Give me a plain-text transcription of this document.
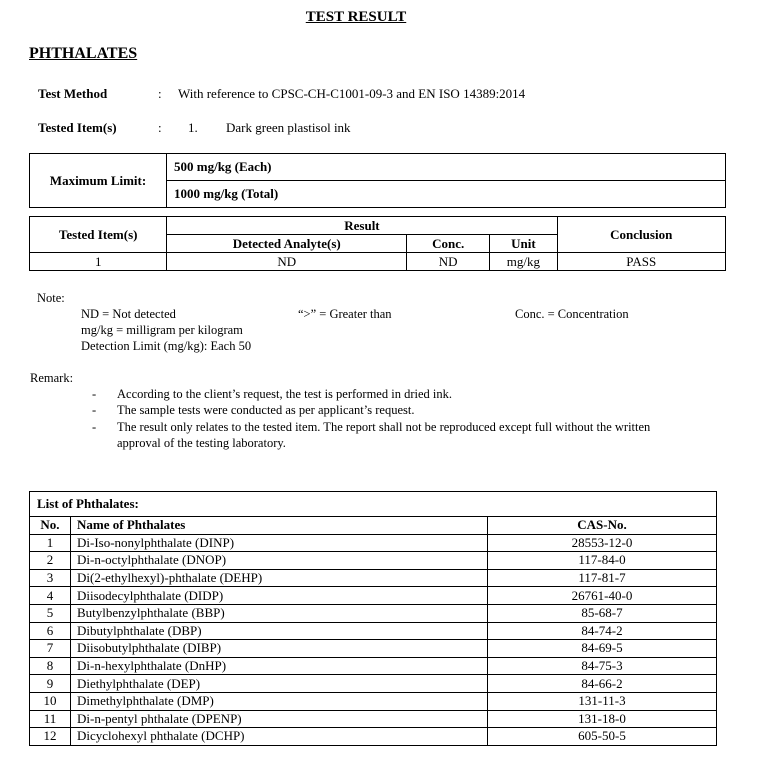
TEST RESULT
PHTHALATES
Test Method	: With reference to CPSC-CH-C1001-09-3 and EN ISO 14389:2014
Tested Item(s)	: 1. Dark green plastisol ink
Maximum Limit:	500 mg/kg (Each)
1000 mg/kg (Total)
Tested Item(s)	Result			Conclusion
	Detected Analyte(s)	Conc.	Unit	
1	ND	ND	mg/kg	PASS
Note:
ND = Not detected	“>” = Greater than	Conc. = Concentration
mg/kg = milligram per kilogram
Detection Limit (mg/kg): Each 50
Remark:
- According to the client’s request, the test is performed in dried ink.
- The sample tests were conducted as per applicant’s request.
- The result only relates to the tested item. The report shall not be reproduced except full without the written
approval of the testing laboratory.
List of Phthalates:		
No.	Name of Phthalates	CAS-No.
1	Di-Iso-nonylphthalate (DINP)	28553-12-0
2	Di-n-octylphthalate (DNOP)	117-84-0
3	Di(2-ethylhexyl)-phthalate (DEHP)	117-81-7
4	Diisodecylphthalate (DIDP)	26761-40-0
5	Butylbenzylphthalate (BBP)	85-68-7
6	Dibutylphthalate (DBP)	84-74-2
7	Diisobutylphthalate (DIBP)	84-69-5
8	Di-n-hexylphthalate (DnHP)	84-75-3
9	Diethylphthalate (DEP)	84-66-2
10	Dimethylphthalate (DMP)	131-11-3
11	Di-n-pentyl phthalate (DPENP)	131-18-0
12	Dicyclohexyl phthalate (DCHP)	605-50-5
